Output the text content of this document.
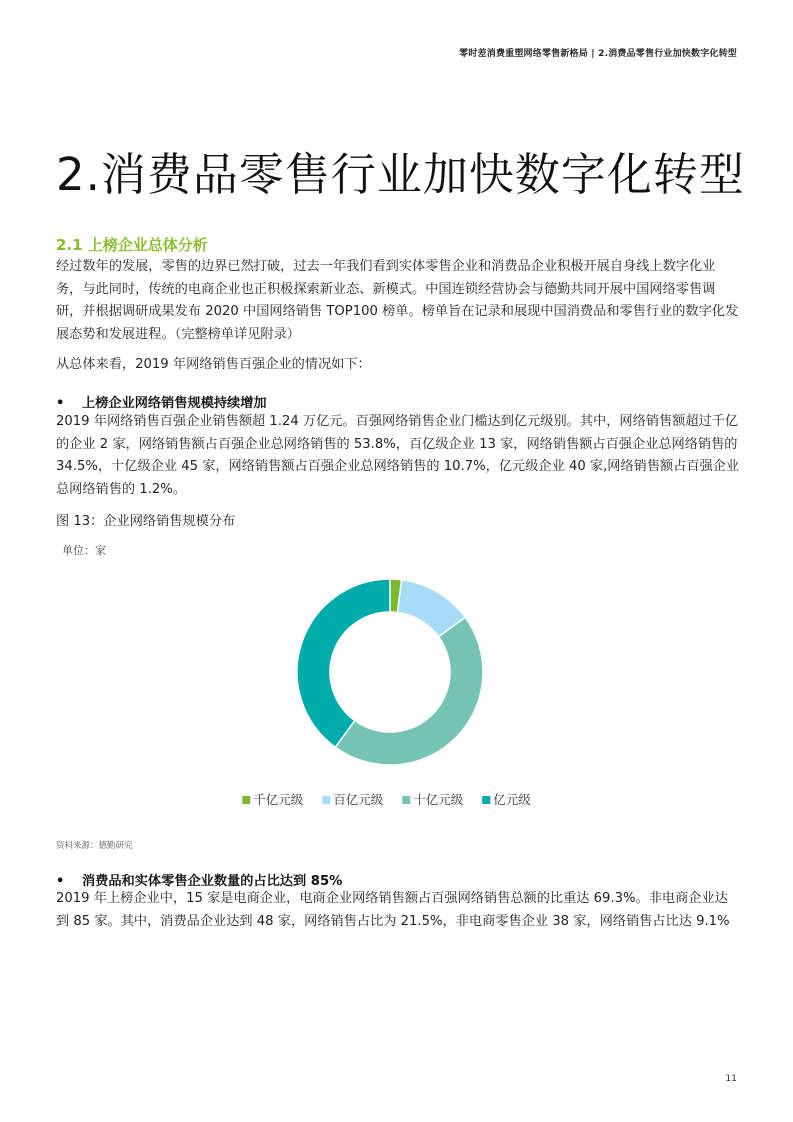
零时差消费重塑网络零售新格局 | 2.消费品零售行业加快数字化转型
2.消费品零售行业加快数字化转型
2.1 上榜企业总体分析

经过数年的发展，零售的边界已然打破，过去一年我们看到实体零售企业和消费品企业积极开展自身线上数字化业务，与此同时，传统的电商企业也正积极探索新业态、新模式。中国连锁经营协会与德勤共同开展中国网络零售调研，并根据调研成果发布 2020 中国网络销售 TOP100 榜单。榜单旨在记录和展现中国消费品和零售行业的数字化发展态势和发展进程。（完整榜单详见附录）

从总体来看，2019 年网络销售百强企业的情况如下：

• 上榜企业网络销售规模持续增加

2019 年网络销售百强企业销售额超 1.24 万亿元。百强网络销售企业门槛达到亿元级别。其中，网络销售额超过千亿的企业 2 家，网络销售额占百强企业总网络销售的 53.8%，百亿级企业 13 家，网络销售额占百强企业总网络销售的 34.5%，十亿级企业 45 家，网络销售额占百强企业总网络销售的 10.7%，亿元级企业 40 家,网络销售额占百强企业总网络销售的 1.2%。

图 13：企业网络销售规模分布
单位：家
千亿元级 百亿元级 十亿元级 亿元级
资料来源：德勤研究

• 消费品和实体零售企业数量的占比达到 85%

2019 年上榜企业中，15 家是电商企业，电商企业网络销售额占百强网络销售总额的比重达 69.3%。非电商企业达到 85 家。其中，消费品企业达到 48 家，网络销售占比为 21.5%，非电商零售企业 38 家，网络销售占比达 9.1%

11
